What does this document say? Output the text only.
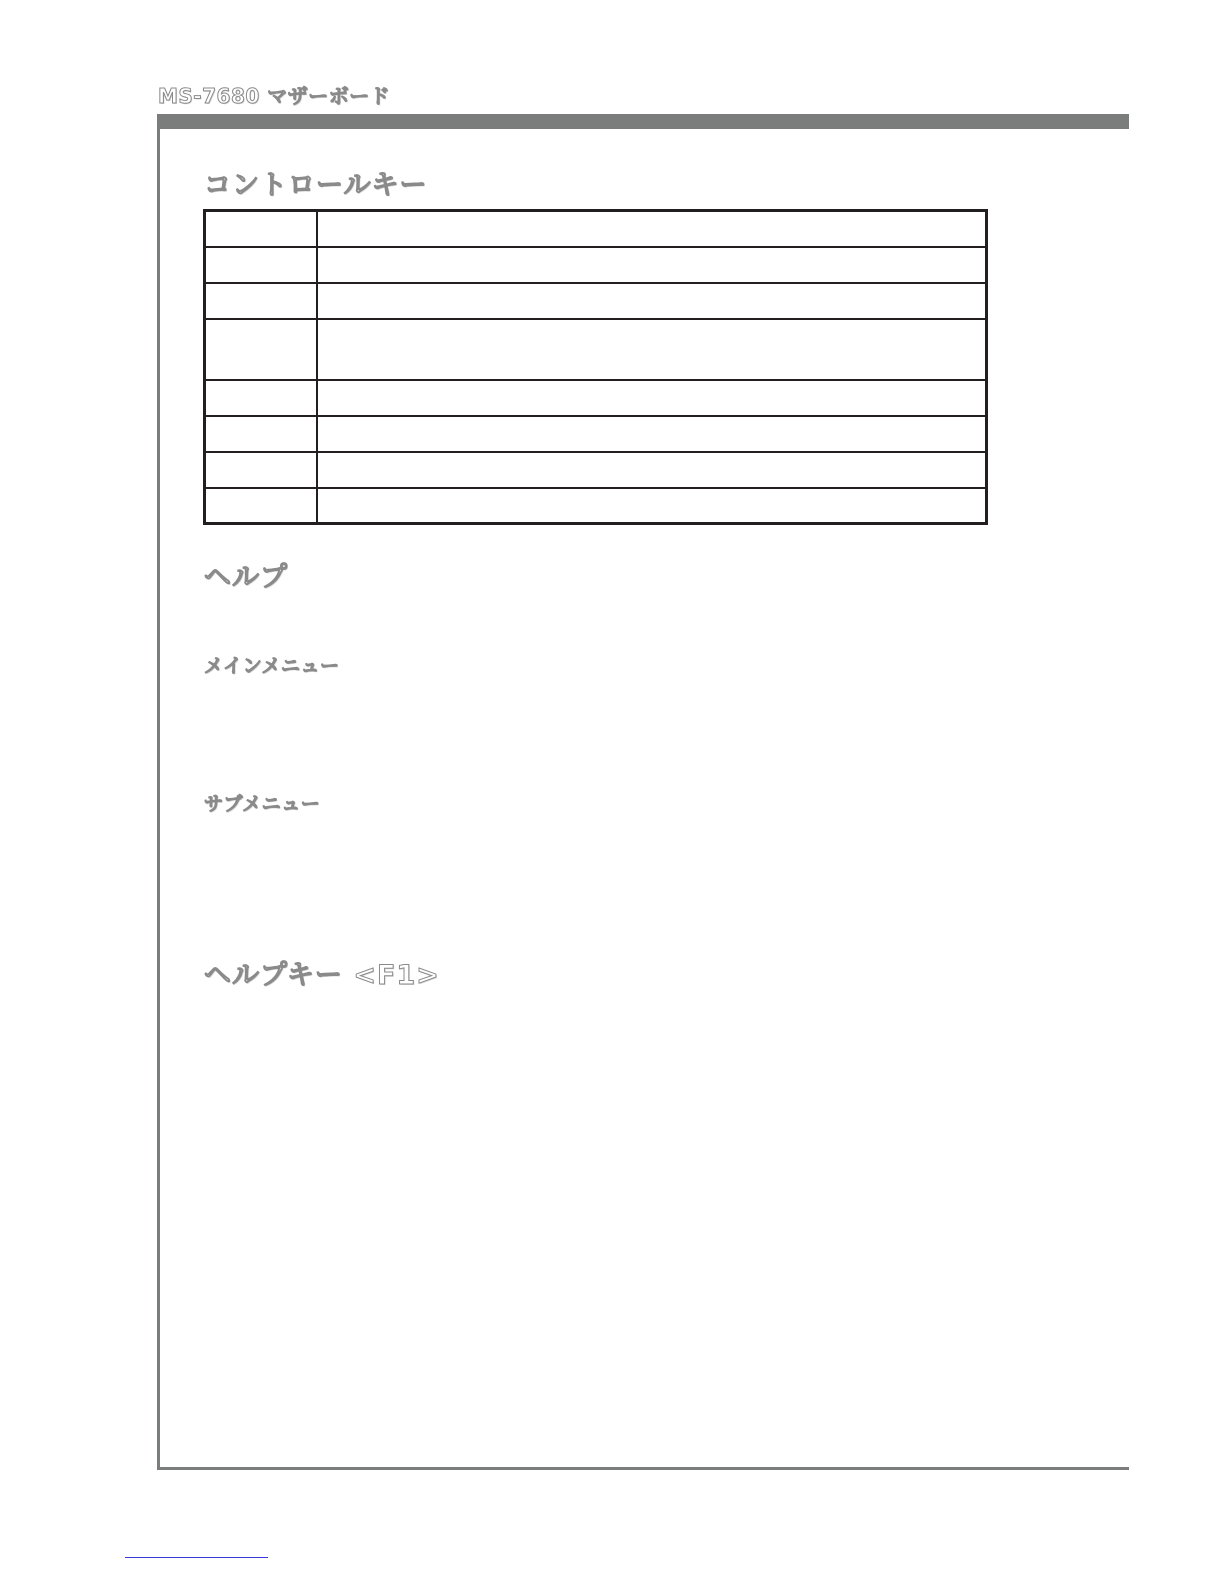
MS-7680 マザーボード
コントロールキー

ヘルプ
メインメニュー
サブメニュー
ヘルプキー <F1>
